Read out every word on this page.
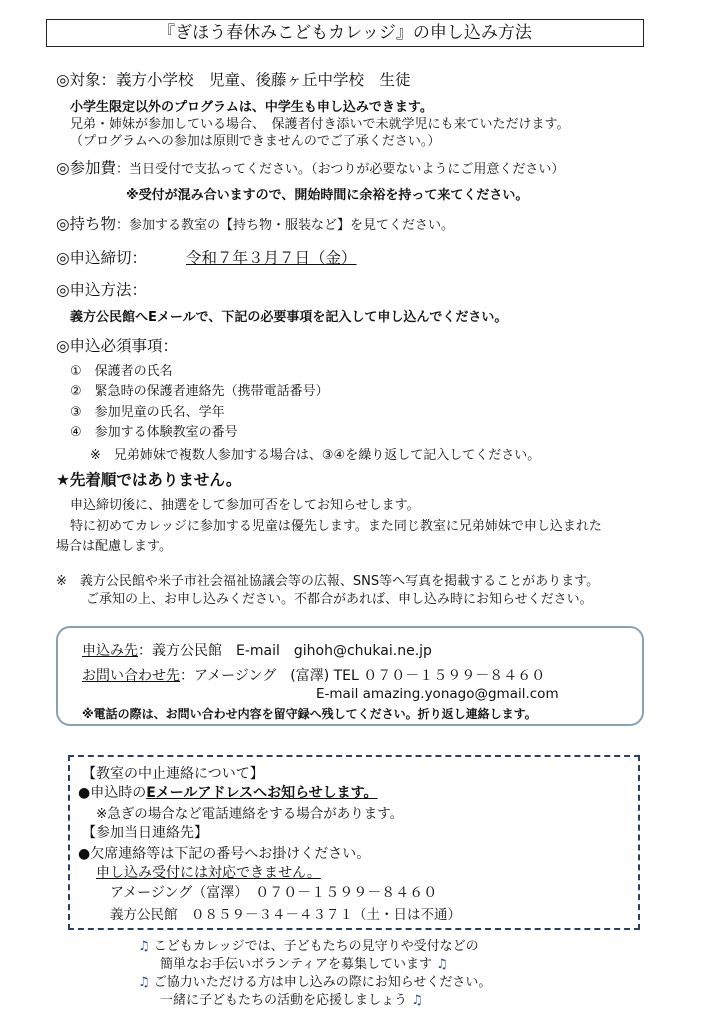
『ぎほう春休みこどもカレッジ』の申し込み方法
◎対象：義方小学校　児童、後藤ヶ丘中学校　生徒
小学生限定以外のプログラムは、中学生も申し込みできます。
兄弟・姉妹が参加している場合、　保護者付き添いで未就学児にも来ていただけます。
（プログラムへの参加は原則できませんのでご了承ください。）
◎参加費：当日受付で支払ってください。（おつりが必要ないようにご用意ください）
※受付が混み合いますので、開始時間に余裕を持って来てください。
◎持ち物：参加する教室の【持ち物・服装など】を見てください。
◎申込締切：	令和７年３月７日（金）
◎申込方法：
義方公民館へEメールで、下記の必要事項を記入して申し込んでください。
◎申込必須事項：
①　保護者の氏名
②　緊急時の保護者連絡先（携帯電話番号）
③　参加児童の氏名、学年
④　参加する体験教室の番号
※　兄弟姉妹で複数人参加する場合は、③④を繰り返して記入してください。
★先着順ではありません。
申込締切後に、抽選をして参加可否をしてお知らせします。
特に初めてカレッジに参加する児童は優先します。また同じ教室に兄弟姉妹で申し込まれた
場合は配慮します。
※　義方公民館や米子市社会福祉協議会等の広報、SNS等へ写真を掲載することがあります。
ご承知の上、お申し込みください。不都合があれば、申し込み時にお知らせください。
申込み先：義方公民館　E-mail　gihoh@chukai.ne.jp
お問い合わせ先：アメージング　(富澤) TEL ０７０－１５９９－８４６０
E-mail amazing.yonago@gmail.com
※電話の際は、お問い合わせ内容を留守録へ残してください。折り返し連絡します。
【教室の中止連絡について】
●申込時のEメールアドレスへお知らせします。
※急ぎの場合など電話連絡をする場合があります。
【参加当日連絡先】
●欠席連絡等は下記の番号へお掛けください。
申し込み受付には対応できません。
アメージング（富澤）　０７０－１５９９－８４６０
義方公民館　０８５９－３４－４３７１（土・日は不通）
♫ こどもカレッジでは、子どもたちの見守りや受付などの
簡単なお手伝いボランティアを募集しています ♫
♫ ご協力いただける方は申し込みの際にお知らせください。
一緒に子どもたちの活動を応援しましょう ♫
